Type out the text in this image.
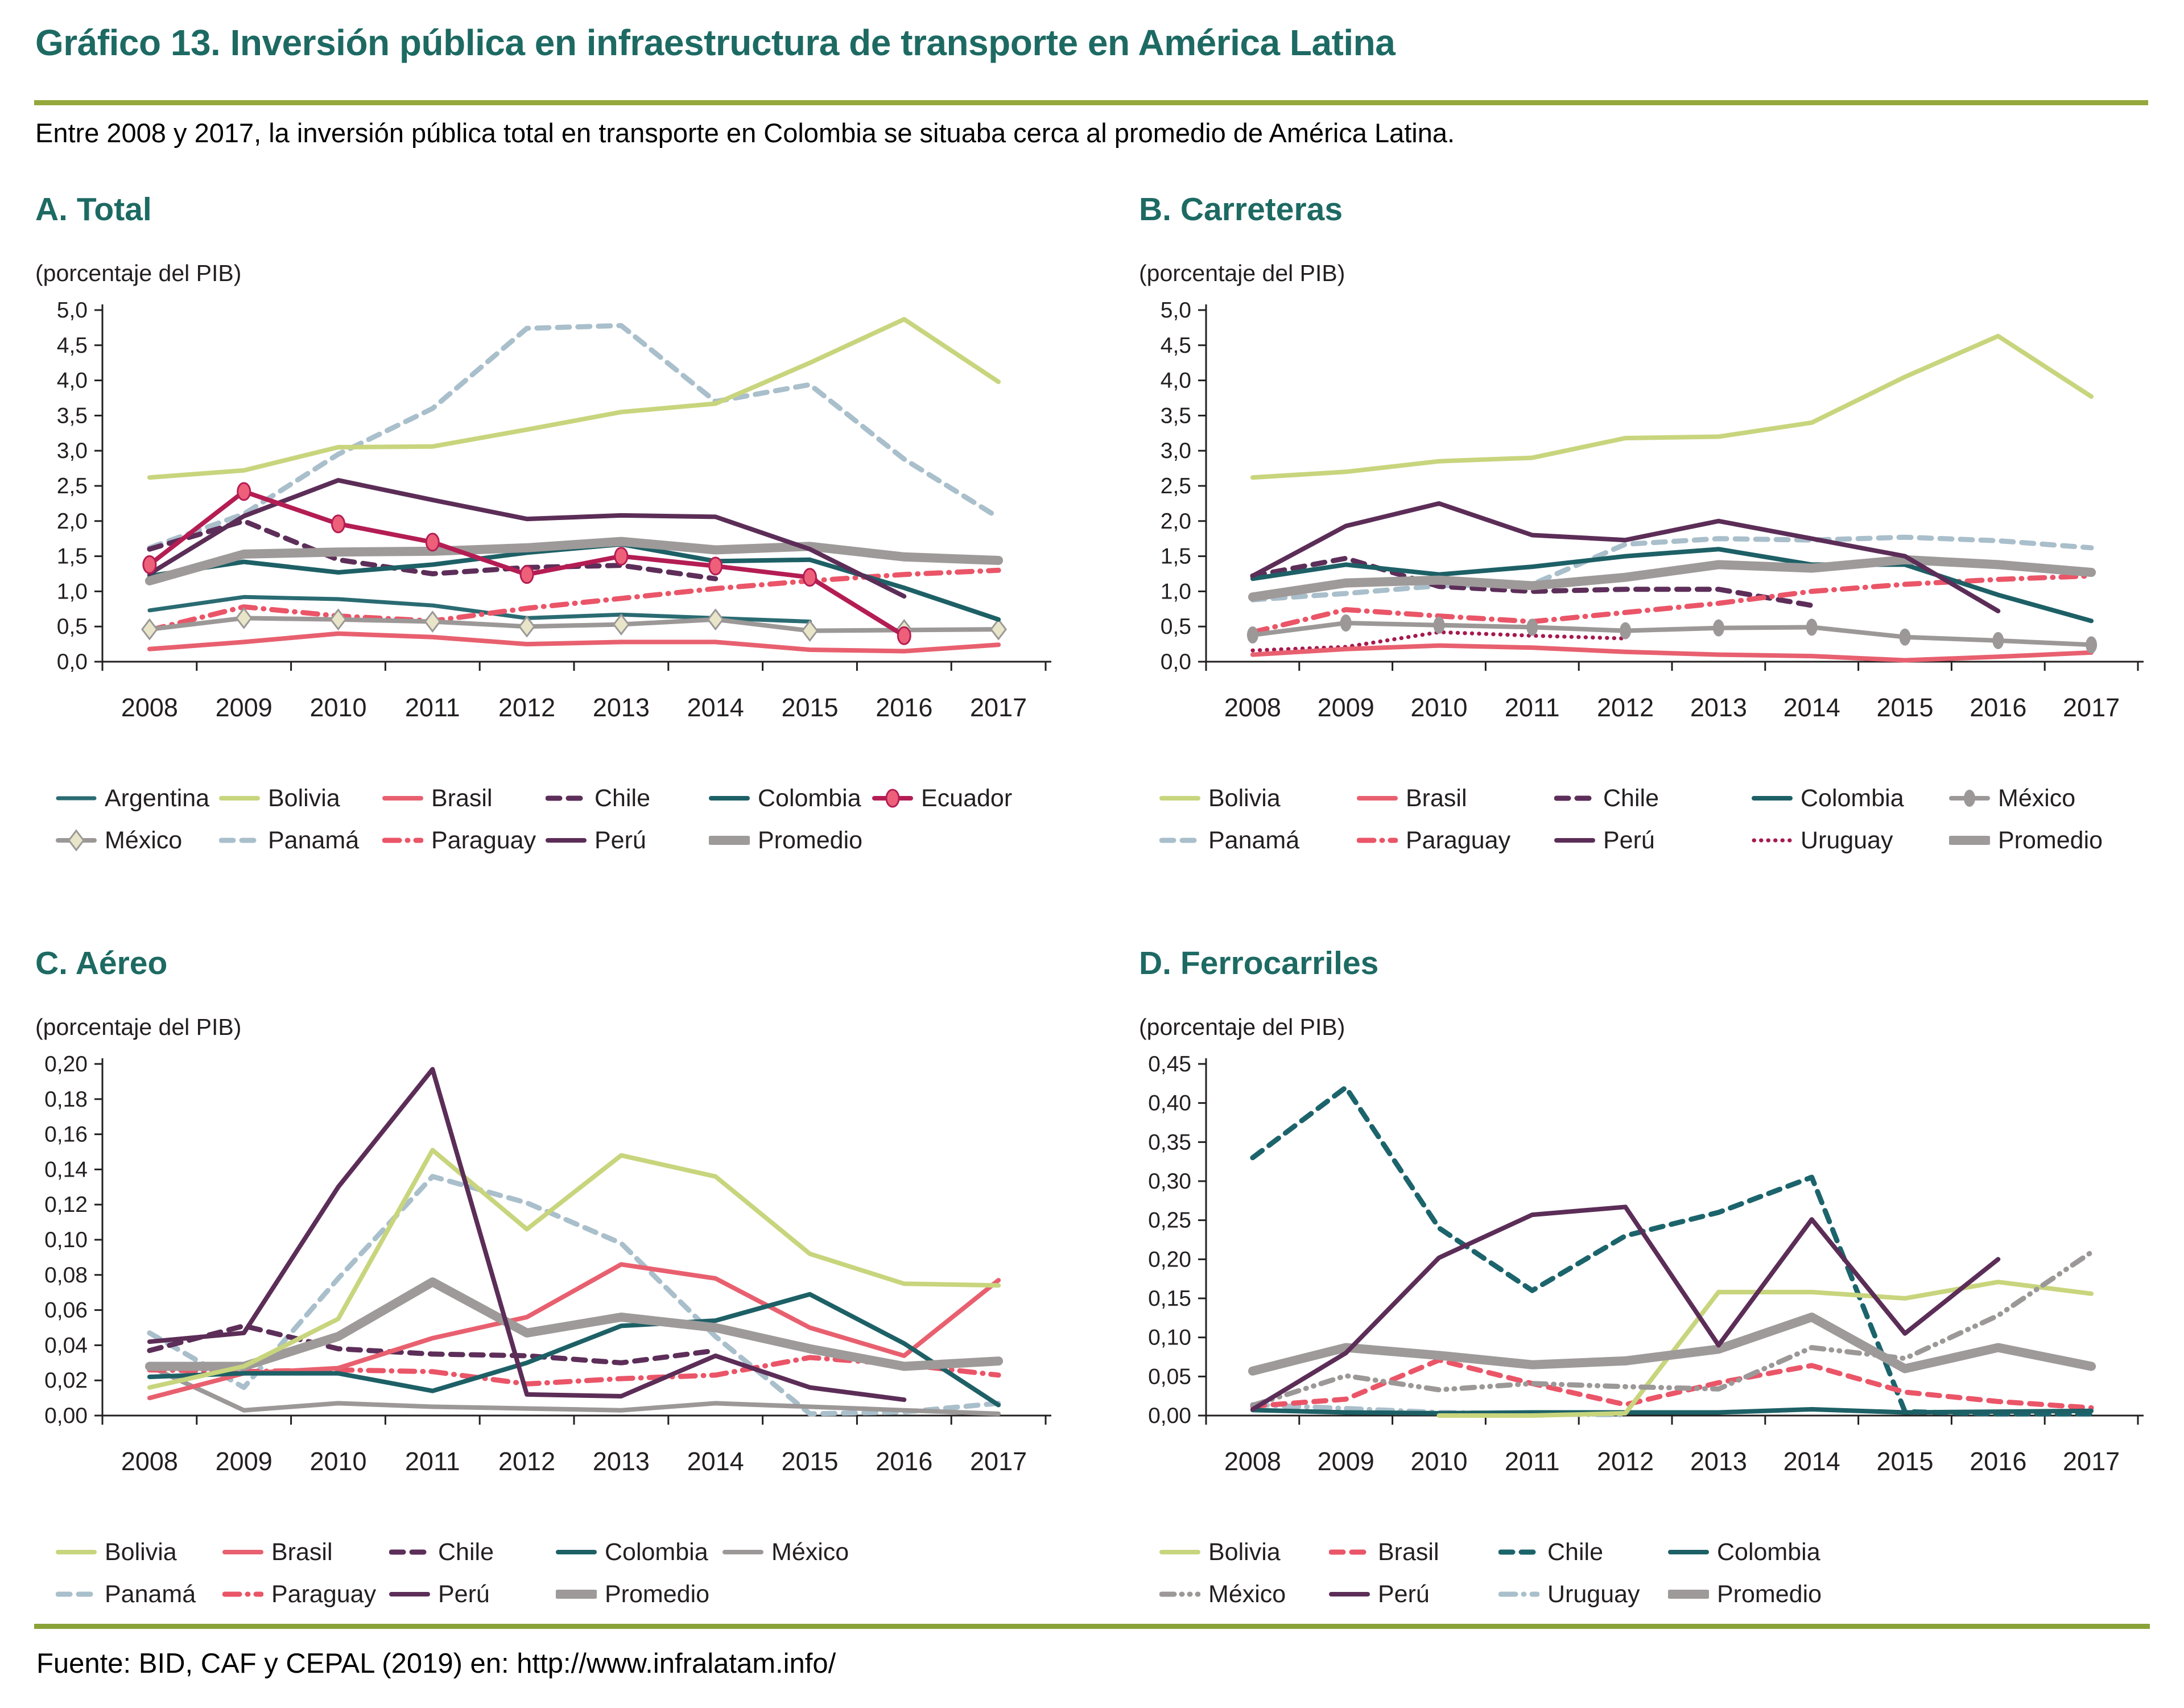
Gráfico 13. Inversión pública en infraestructura de transporte en América Latina

Entre 2008 y 2017, la inversión pública total en transporte en Colombia se situaba cerca al promedio de América Latina.

A. Total
(porcentaje del PIB)
0,0
0,5
1,0
1,5
2,0
2,5
3,0
3,5
4,0
4,5
5,0
2008 2009 2010 2011 2012 2013 2014 2015 2016 2017
Argentina Bolivia	Brasil	Chile	Colombia Ecuador
México	Panamá	Paraguay Perú	Promedio
B. Carreteras
(porcentaje del PIB)
0,0
0,5
1,0
1,5
2,0
2,5
3,0
3,5
4,0
4,5
5,0
2008 2009 2010 2011 2012 2013 2014 2015 2016 2017
Bolivia	Brasil	Chile	Colombia	México
Panamá	Paraguay	Perú	Uruguay	Promedio
C. Aéreo
(porcentaje del PIB)
0,00
0,02
0,04
0,06
0,08
0,10
0,12
0,14
0,16
0,18
0,20
2008 2009 2010 2011 2012 2013 2014 2015 2016 2017
Bolivia	Brasil	Chile	Colombia	México
Panamá	Paraguay	Perú	Promedio
D. Ferrocarriles
(porcentaje del PIB)
0,00
0,05
0,10
0,15
0,20
0,25
0,30
0,35
0,40
0,45
2008 2009 2010 2011 2012 2013 2014 2015 2016 2017
Bolivia	Brasil	Chile	Colombia
México	Perú	Uruguay	Promedio

Fuente: BID, CAF y CEPAL (2019) en: http://www.infralatam.info/
